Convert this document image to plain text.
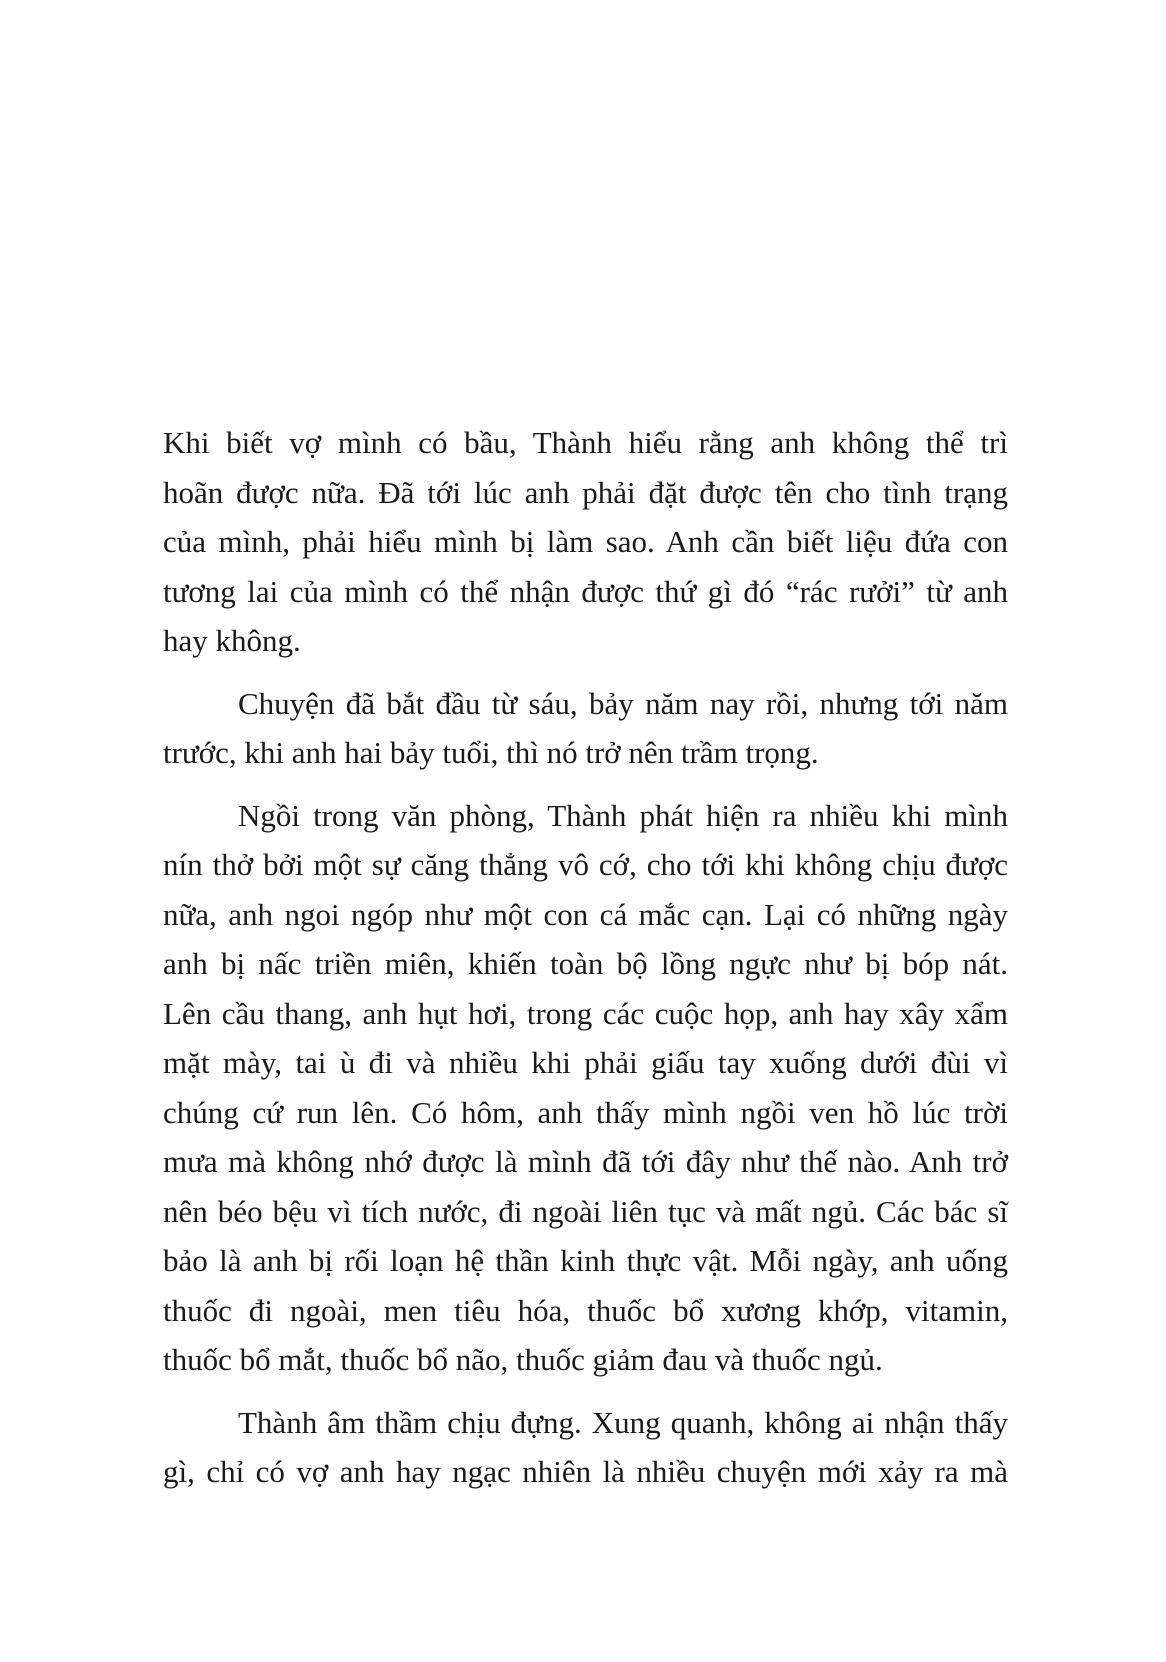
Khi biết vợ mình có bầu, Thành hiểu rằng anh không thể trì
hoãn được nữa. Đã tới lúc anh phải đặt được tên cho tình trạng
của mình, phải hiểu mình bị làm sao. Anh cần biết liệu đứa con
tương lai của mình có thể nhận được thứ gì đó “rác rưởi” từ anh
hay không.
Chuyện đã bắt đầu từ sáu, bảy năm nay rồi, nhưng tới năm
trước, khi anh hai bảy tuổi, thì nó trở nên trầm trọng.
Ngồi trong văn phòng, Thành phát hiện ra nhiều khi mình
nín thở bởi một sự căng thẳng vô cớ, cho tới khi không chịu được
nữa, anh ngoi ngóp như một con cá mắc cạn. Lại có những ngày
anh bị nấc triền miên, khiến toàn bộ lồng ngực như bị bóp nát.
Lên cầu thang, anh hụt hơi, trong các cuộc họp, anh hay xây xẩm
mặt mày, tai ù đi và nhiều khi phải giấu tay xuống dưới đùi vì
chúng cứ run lên. Có hôm, anh thấy mình ngồi ven hồ lúc trời
mưa mà không nhớ được là mình đã tới đây như thế nào. Anh trở
nên béo bệu vì tích nước, đi ngoài liên tục và mất ngủ. Các bác sĩ
bảo là anh bị rối loạn hệ thần kinh thực vật. Mỗi ngày, anh uống
thuốc đi ngoài, men tiêu hóa, thuốc bổ xương khớp, vitamin,
thuốc bổ mắt, thuốc bổ não, thuốc giảm đau và thuốc ngủ.
Thành âm thầm chịu đựng. Xung quanh, không ai nhận thấy
gì, chỉ có vợ anh hay ngạc nhiên là nhiều chuyện mới xảy ra mà
